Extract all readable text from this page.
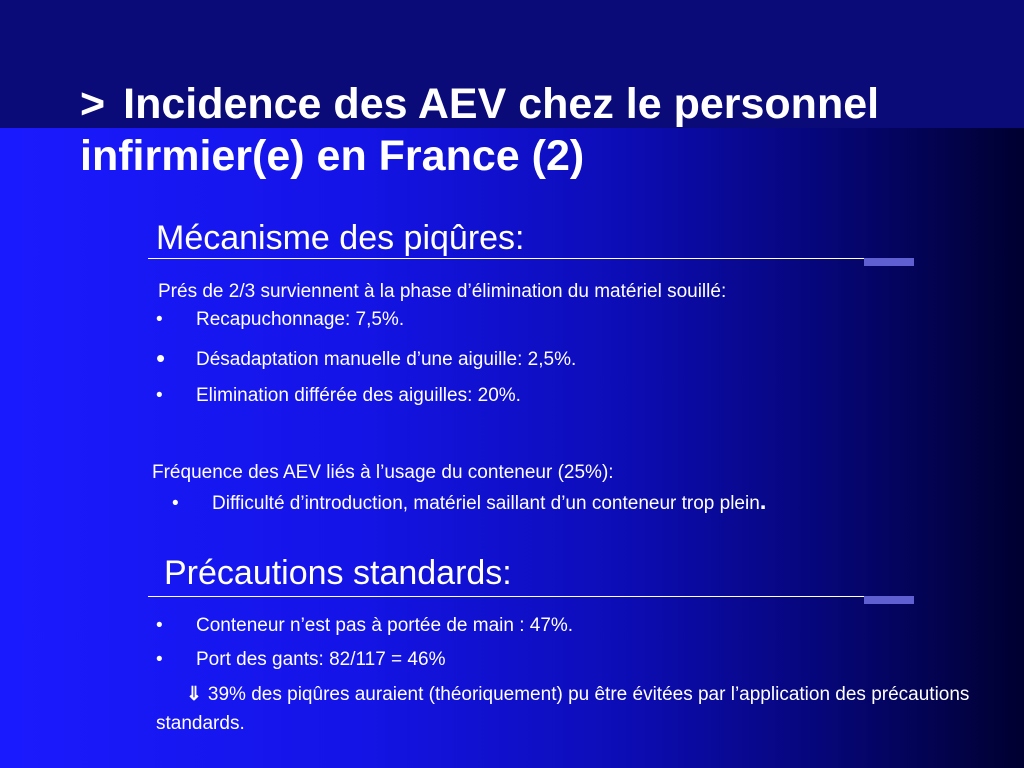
> Incidence des AEV chez le personnel infirmier(e) en France (2)
Mécanisme des piqûres:
Prés de 2/3 surviennent à la phase d’élimination du matériel souillé:
• Recapuchonnage: 7,5%.
• Désadaptation manuelle d’une aiguille: 2,5%.
• Elimination différée des aiguilles: 20%.
Fréquence des AEV liés à l’usage du conteneur (25%):
• Difficulté d’introduction, matériel saillant d’un conteneur trop plein.
Précautions standards:
• Conteneur n’est pas à portée de main : 47%.
• Port des gants: 82/117 = 46%
⇓ 39% des piqûres auraient (théoriquement) pu être évitées par l’application des précautions standards.
